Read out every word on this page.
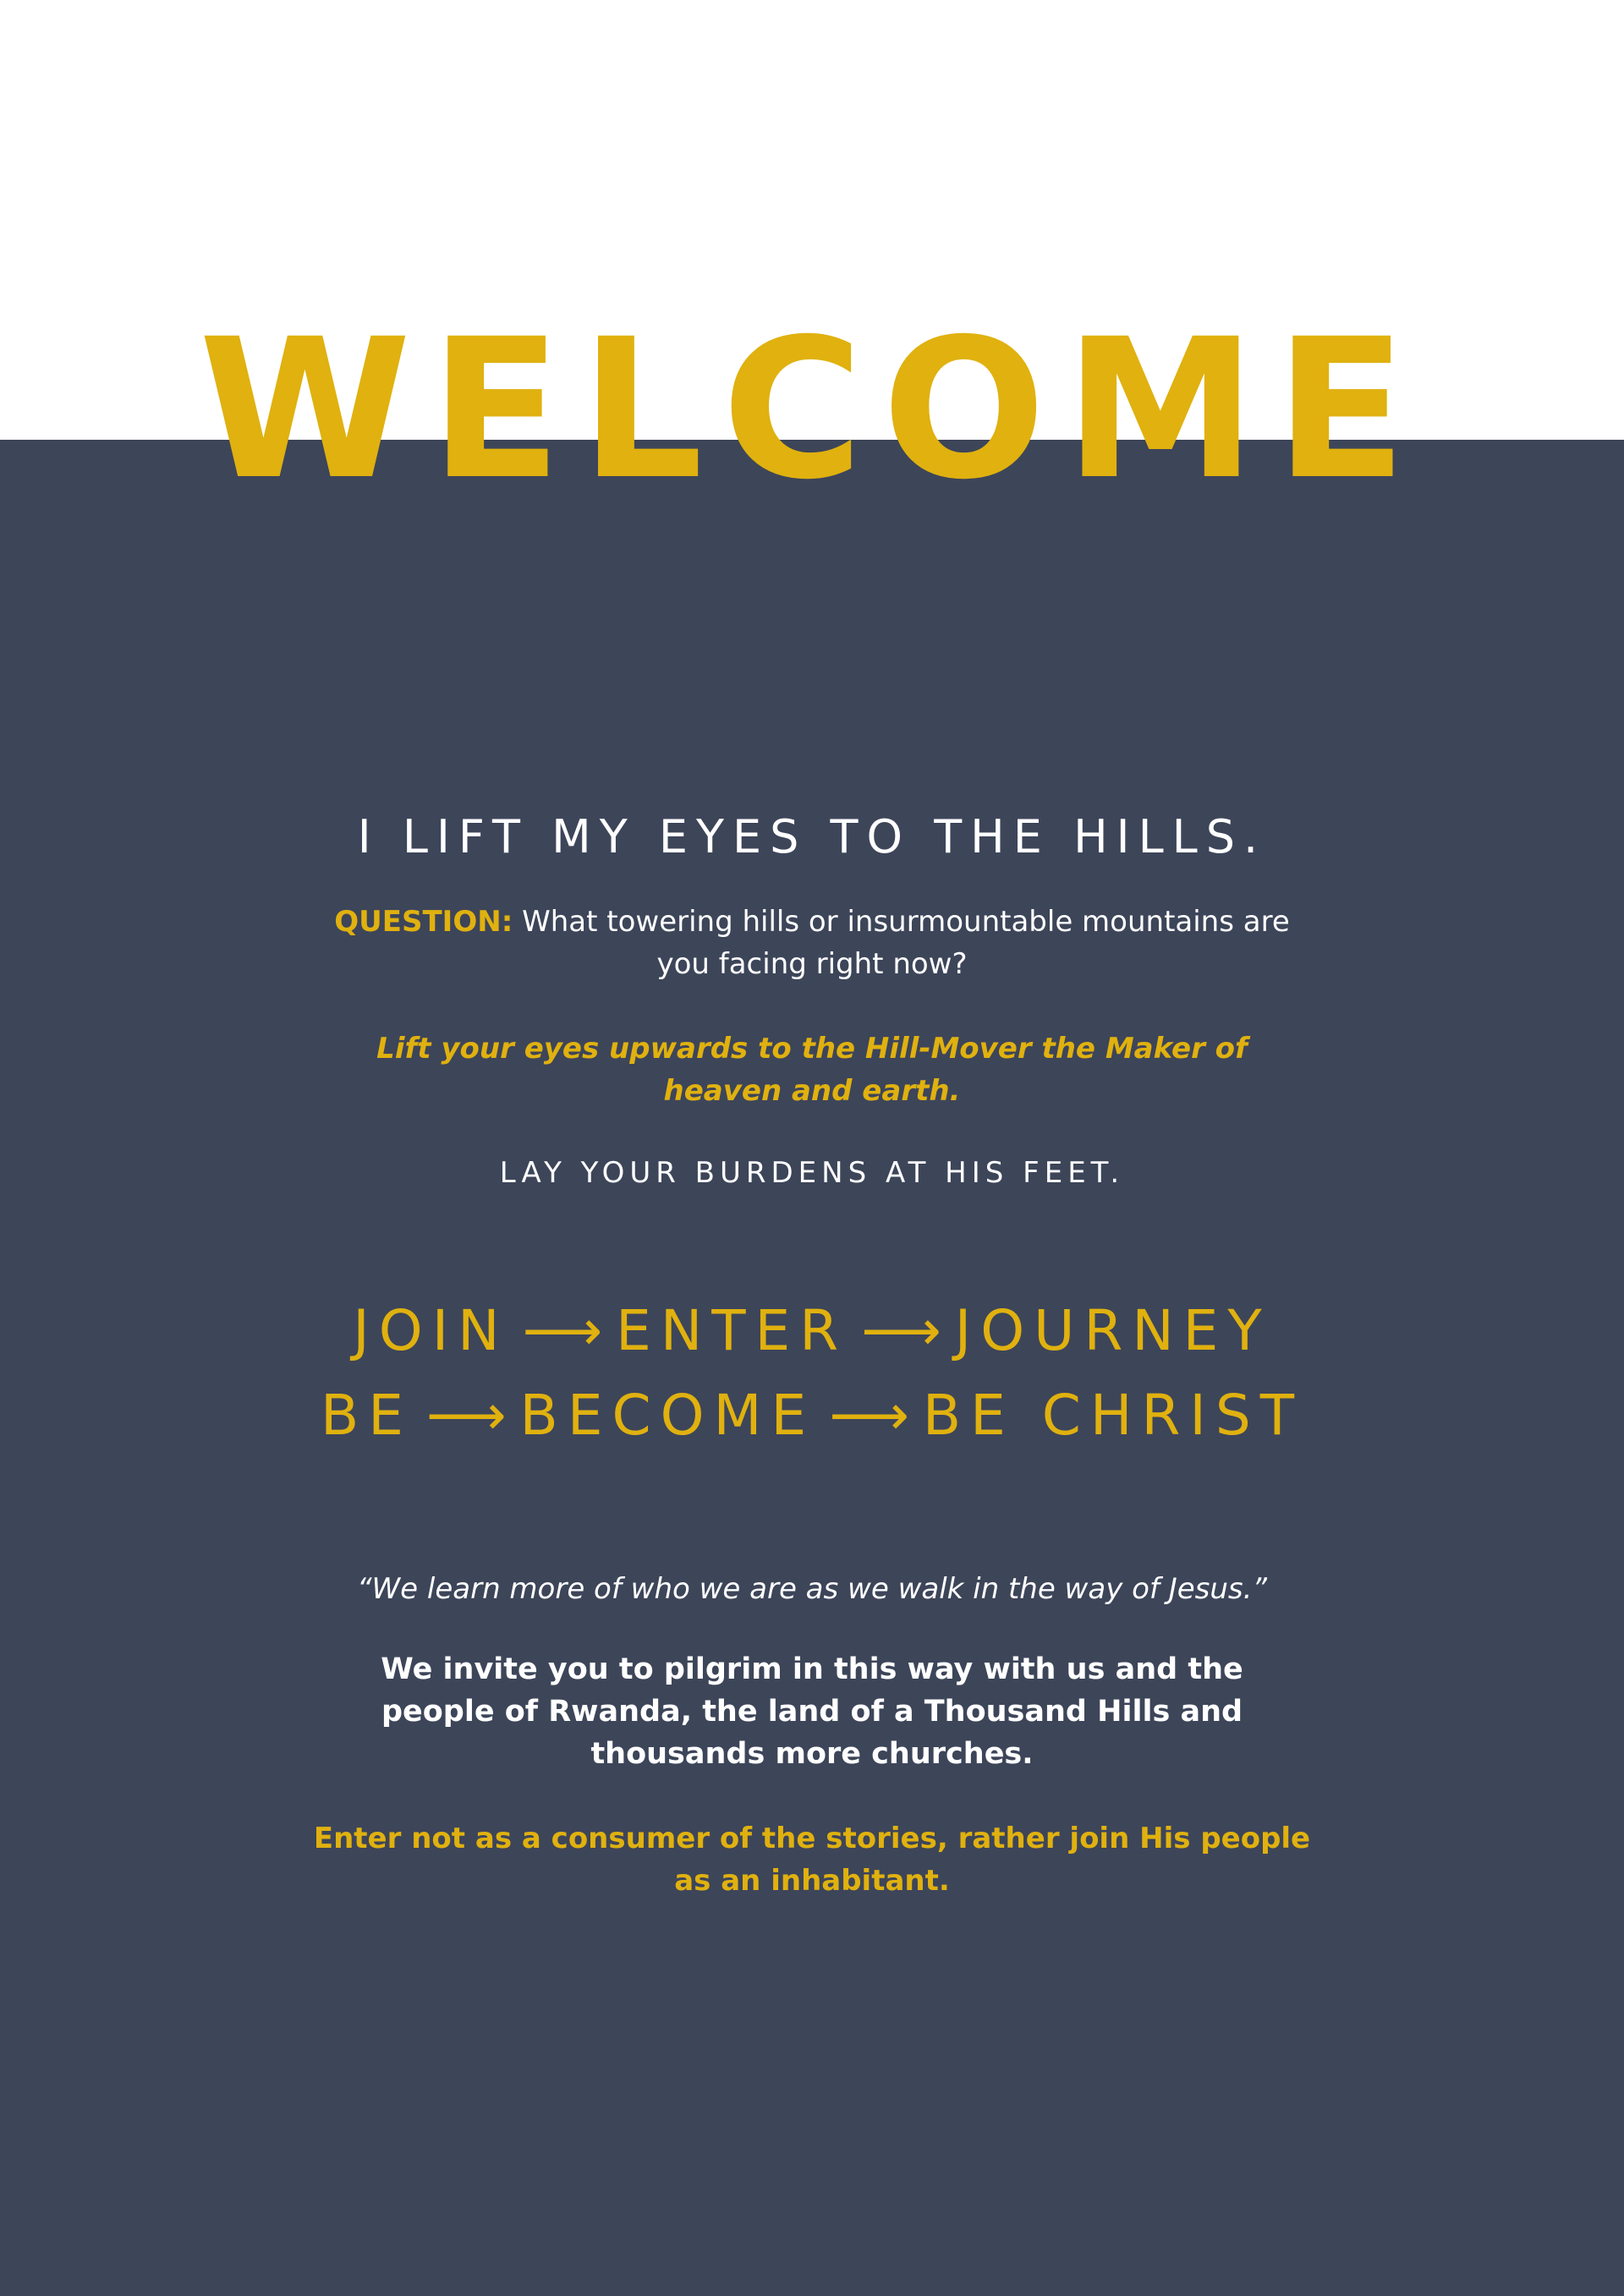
WELCOME
I LIFT MY EYES TO THE HILLS.

QUESTION: What towering hills or insurmountable mountains are you facing right now?

Lift your eyes upwards to the Hill-Mover the Maker of heaven and earth.

LAY YOUR BURDENS AT HIS FEET.

JOIN ⟶ ENTER ⟶ JOURNEY
BE ⟶ BECOME ⟶ BE CHRIST

“We learn more of who we are as we walk in the way of Jesus.”

We invite you to pilgrim in this way with us and the people of Rwanda, the land of a Thousand Hills and thousands more churches.

Enter not as a consumer of the stories, rather join His people as an inhabitant.
